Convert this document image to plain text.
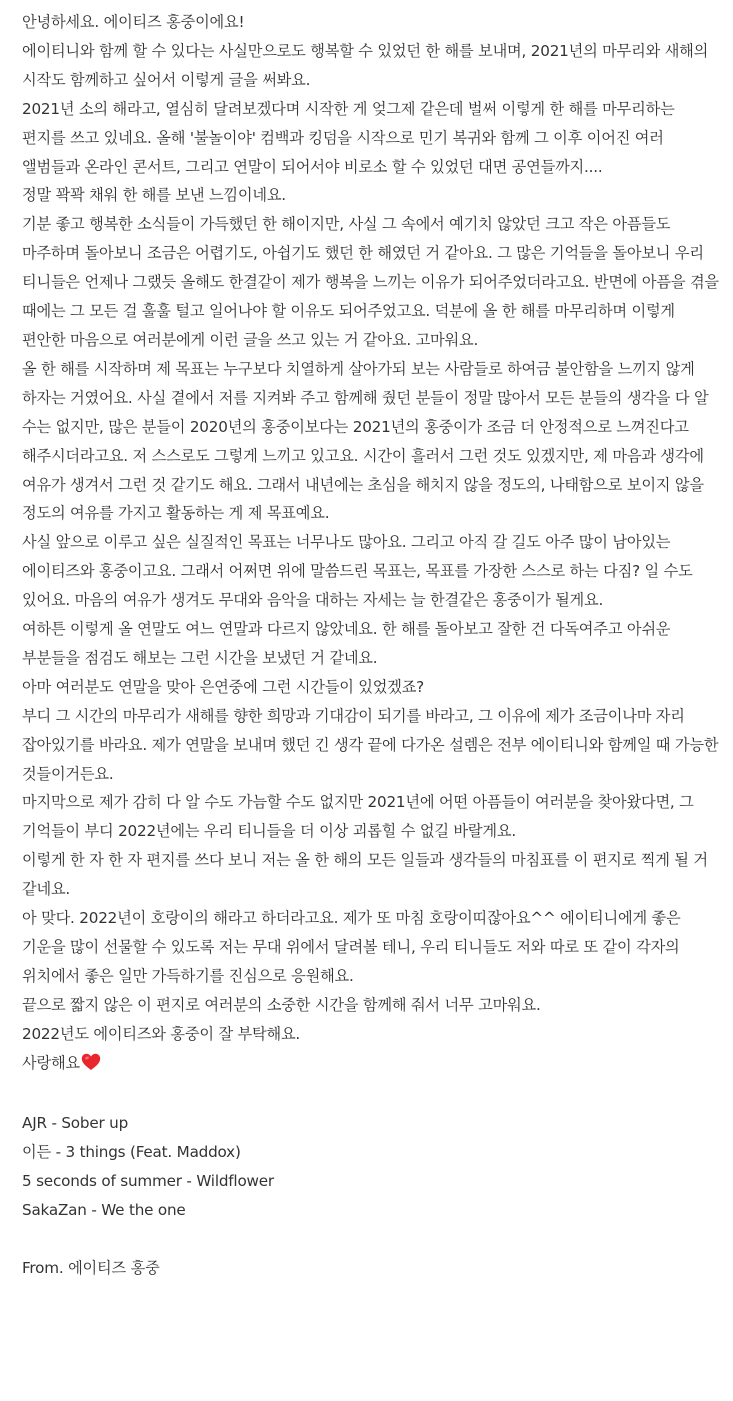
안녕하세요. 에이티즈 홍중이에요!

에이티니와 함께 할 수 있다는 사실만으로도 행복할 수 있었던 한 해를 보내며, 2021년의 마무리와 새해의 시작도 함께하고 싶어서 이렇게 글을 써봐요.

2021년 소의 해라고, 열심히 달려보겠다며 시작한 게 엊그제 같은데 벌써 이렇게 한 해를 마무리하는 편지를 쓰고 있네요. 올해 '불놀이야' 컴백과 킹덤을 시작으로 민기 복귀와 함께 그 이후 이어진 여러 앨범들과 온라인 콘서트, 그리고 연말이 되어서야 비로소 할 수 있었던 대면 공연들까지....

정말 꽉꽉 채워 한 해를 보낸 느낌이네요.

기분 좋고 행복한 소식들이 가득했던 한 해이지만, 사실 그 속에서 예기치 않았던 크고 작은 아픔들도 마주하며 돌아보니 조금은 어렵기도, 아쉽기도 했던 한 해였던 거 같아요. 그 많은 기억들을 돌아보니 우리 티니들은 언제나 그랬듯 올해도 한결같이 제가 행복을 느끼는 이유가 되어주었더라고요. 반면에 아픔을 겪을 때에는 그 모든 걸 훌훌 털고 일어나야 할 이유도 되어주었고요. 덕분에 올 한 해를 마무리하며 이렇게 편안한 마음으로 여러분에게 이런 글을 쓰고 있는 거 같아요. 고마워요.

올 한 해를 시작하며 제 목표는 누구보다 치열하게 살아가되 보는 사람들로 하여금 불안함을 느끼지 않게 하자는 거였어요. 사실 곁에서 저를 지켜봐 주고 함께해 줬던 분들이 정말 많아서 모든 분들의 생각을 다 알 수는 없지만, 많은 분들이 2020년의 홍중이보다는 2021년의 홍중이가 조금 더 안정적으로 느껴진다고 해주시더라고요. 저 스스로도 그렇게 느끼고 있고요. 시간이 흘러서 그런 것도 있겠지만, 제 마음과 생각에 여유가 생겨서 그런 것 같기도 해요. 그래서 내년에는 초심을 해치지 않을 정도의, 나태함으로 보이지 않을 정도의 여유를 가지고 활동하는 게 제 목표예요.

사실 앞으로 이루고 싶은 실질적인 목표는 너무나도 많아요. 그리고 아직 갈 길도 아주 많이 남아있는 에이티즈와 홍중이고요. 그래서 어쩌면 위에 말씀드린 목표는, 목표를 가장한 스스로 하는 다짐? 일 수도 있어요. 마음의 여유가 생겨도 무대와 음악을 대하는 자세는 늘 한결같은 홍중이가 될게요.

여하튼 이렇게 올 연말도 여느 연말과 다르지 않았네요. 한 해를 돌아보고 잘한 건 다독여주고 아쉬운 부분들을 점검도 해보는 그런 시간을 보냈던 거 같네요.

아마 여러분도 연말을 맞아 은연중에 그런 시간들이 있었겠죠?

부디 그 시간의 마무리가 새해를 향한 희망과 기대감이 되기를 바라고, 그 이유에 제가 조금이나마 자리 잡아있기를 바라요. 제가 연말을 보내며 했던 긴 생각 끝에 다가온 설렘은 전부 에이티니와 함께일 때 가능한 것들이거든요.

마지막으로 제가 감히 다 알 수도 가늠할 수도 없지만 2021년에 어떤 아픔들이 여러분을 찾아왔다면, 그 기억들이 부디 2022년에는 우리 티니들을 더 이상 괴롭힐 수 없길 바랄게요.

이렇게 한 자 한 자 편지를 쓰다 보니 저는 올 한 해의 모든 일들과 생각들의 마침표를 이 편지로 찍게 될 거 같네요.

아 맞다. 2022년이 호랑이의 해라고 하더라고요. 제가 또 마침 호랑이띠잖아요^^ 에이티니에게 좋은 기운을 많이 선물할 수 있도록 저는 무대 위에서 달려볼 테니, 우리 티니들도 저와 따로 또 같이 각자의 위치에서 좋은 일만 가득하기를 진심으로 응원해요.

끝으로 짧지 않은 이 편지로 여러분의 소중한 시간을 함께해 줘서 너무 고마워요.

2022년도 에이티즈와 홍중이 잘 부탁해요.

사랑해요

AJR - Sober up

이든 - 3 things (Feat. Maddox)

5 seconds of summer - Wildflower

SakaZan - We the one

From. 에이티즈 홍중
